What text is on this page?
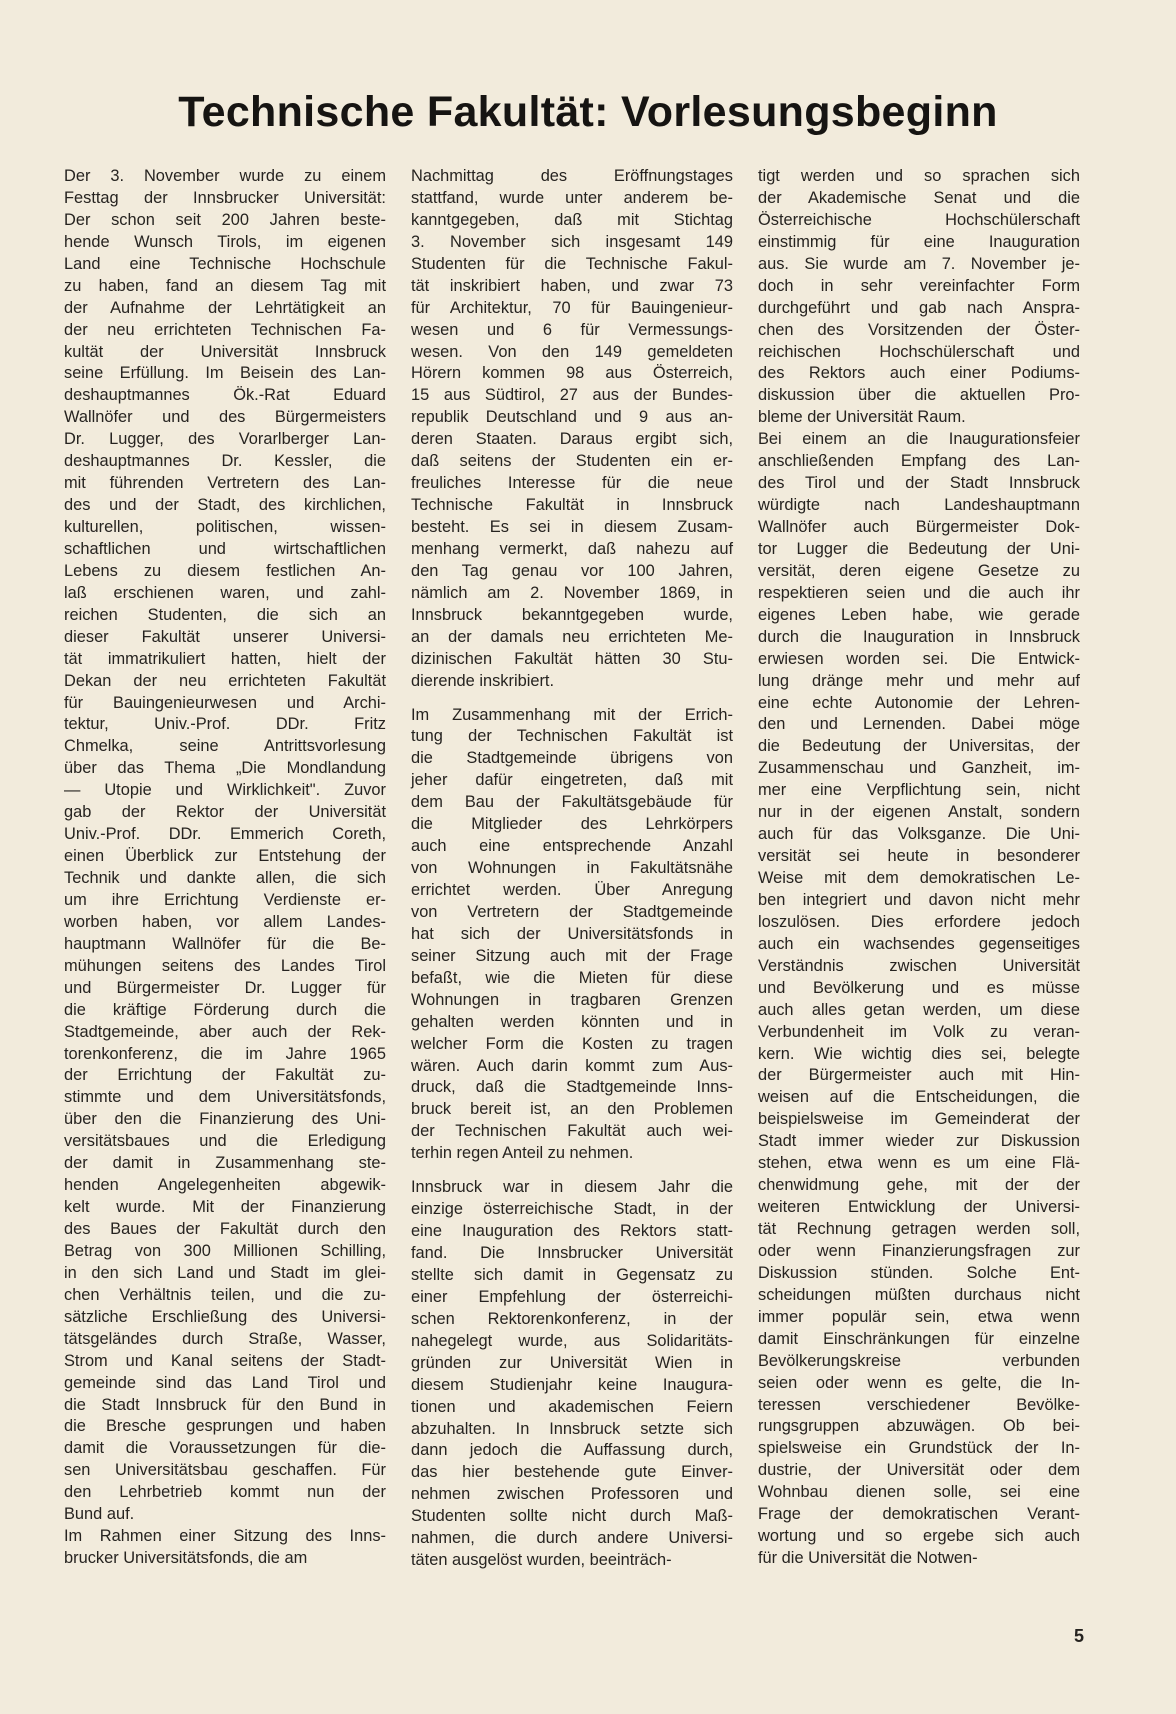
Technische Fakultät: Vorlesungsbeginn
Der 3. November wurde zu einem
Festtag der Innsbrucker Universität:
Der schon seit 200 Jahren beste-
hende Wunsch Tirols, im eigenen
Land eine Technische Hochschule
zu haben, fand an diesem Tag mit
der Aufnahme der Lehrtätigkeit an
der neu errichteten Technischen Fa-
kultät der Universität Innsbruck
seine Erfüllung. Im Beisein des Lan-
deshauptmannes Ök.-Rat Eduard
Wallnöfer und des Bürgermeisters
Dr. Lugger, des Vorarlberger Lan-
deshauptmannes Dr. Kessler, die
mit führenden Vertretern des Lan-
des und der Stadt, des kirchlichen,
kulturellen, politischen, wissen-
schaftlichen und wirtschaftlichen
Lebens zu diesem festlichen An-
laß erschienen waren, und zahl-
reichen Studenten, die sich an
dieser Fakultät unserer Universi-
tät immatrikuliert hatten, hielt der
Dekan der neu errichteten Fakultät
für Bauingenieurwesen und Archi-
tektur, Univ.-Prof. DDr. Fritz
Chmelka, seine Antrittsvorlesung
über das Thema „Die Mondlandung
— Utopie und Wirklichkeit". Zuvor
gab der Rektor der Universität
Univ.-Prof. DDr. Emmerich Coreth,
einen Überblick zur Entstehung der
Technik und dankte allen, die sich
um ihre Errichtung Verdienste er-
worben haben, vor allem Landes-
hauptmann Wallnöfer für die Be-
mühungen seitens des Landes Tirol
und Bürgermeister Dr. Lugger für
die kräftige Förderung durch die
Stadtgemeinde, aber auch der Rek-
torenkonferenz, die im Jahre 1965
der Errichtung der Fakultät zu-
stimmte und dem Universitätsfonds,
über den die Finanzierung des Uni-
versitätsbaues und die Erledigung
der damit in Zusammenhang ste-
henden Angelegenheiten abgewik-
kelt wurde. Mit der Finanzierung
des Baues der Fakultät durch den
Betrag von 300 Millionen Schilling,
in den sich Land und Stadt im glei-
chen Verhältnis teilen, und die zu-
sätzliche Erschließung des Universi-
tätsgeländes durch Straße, Wasser,
Strom und Kanal seitens der Stadt-
gemeinde sind das Land Tirol und
die Stadt Innsbruck für den Bund in
die Bresche gesprungen und haben
damit die Voraussetzungen für die-
sen Universitätsbau geschaffen. Für
den Lehrbetrieb kommt nun der
Bund auf.
Im Rahmen einer Sitzung des Inns-
brucker Universitätsfonds, die am
Nachmittag des Eröffnungstages
stattfand, wurde unter anderem be-
kanntgegeben, daß mit Stichtag
3. November sich insgesamt 149
Studenten für die Technische Fakul-
tät inskribiert haben, und zwar 73
für Architektur, 70 für Bauingenieur-
wesen und 6 für Vermessungs-
wesen. Von den 149 gemeldeten
Hörern kommen 98 aus Österreich,
15 aus Südtirol, 27 aus der Bundes-
republik Deutschland und 9 aus an-
deren Staaten. Daraus ergibt sich,
daß seitens der Studenten ein er-
freuliches Interesse für die neue
Technische Fakultät in Innsbruck
besteht. Es sei in diesem Zusam-
menhang vermerkt, daß nahezu auf
den Tag genau vor 100 Jahren,
nämlich am 2. November 1869, in
Innsbruck bekanntgegeben wurde,
an der damals neu errichteten Me-
dizinischen Fakultät hätten 30 Stu-
dierende inskribiert.
Im Zusammenhang mit der Errich-
tung der Technischen Fakultät ist
die Stadtgemeinde übrigens von
jeher dafür eingetreten, daß mit
dem Bau der Fakultätsgebäude für
die Mitglieder des Lehrkörpers
auch eine entsprechende Anzahl
von Wohnungen in Fakultätsnähe
errichtet werden. Über Anregung
von Vertretern der Stadtgemeinde
hat sich der Universitätsfonds in
seiner Sitzung auch mit der Frage
befaßt, wie die Mieten für diese
Wohnungen in tragbaren Grenzen
gehalten werden könnten und in
welcher Form die Kosten zu tragen
wären. Auch darin kommt zum Aus-
druck, daß die Stadtgemeinde Inns-
bruck bereit ist, an den Problemen
der Technischen Fakultät auch wei-
terhin regen Anteil zu nehmen.
Innsbruck war in diesem Jahr die
einzige österreichische Stadt, in der
eine Inauguration des Rektors statt-
fand. Die Innsbrucker Universität
stellte sich damit in Gegensatz zu
einer Empfehlung der österreichi-
schen Rektorenkonferenz, in der
nahegelegt wurde, aus Solidaritäts-
gründen zur Universität Wien in
diesem Studienjahr keine Inaugura-
tionen und akademischen Feiern
abzuhalten. In Innsbruck setzte sich
dann jedoch die Auffassung durch,
das hier bestehende gute Einver-
nehmen zwischen Professoren und
Studenten sollte nicht durch Maß-
nahmen, die durch andere Universi-
täten ausgelöst wurden, beeinträch-
tigt werden und so sprachen sich
der Akademische Senat und die
Österreichische Hochschülerschaft
einstimmig für eine Inauguration
aus. Sie wurde am 7. November je-
doch in sehr vereinfachter Form
durchgeführt und gab nach Anspra-
chen des Vorsitzenden der Öster-
reichischen Hochschülerschaft und
des Rektors auch einer Podiums-
diskussion über die aktuellen Pro-
bleme der Universität Raum.
Bei einem an die Inaugurationsfeier
anschließenden Empfang des Lan-
des Tirol und der Stadt Innsbruck
würdigte nach Landeshauptmann
Wallnöfer auch Bürgermeister Dok-
tor Lugger die Bedeutung der Uni-
versität, deren eigene Gesetze zu
respektieren seien und die auch ihr
eigenes Leben habe, wie gerade
durch die Inauguration in Innsbruck
erwiesen worden sei. Die Entwick-
lung dränge mehr und mehr auf
eine echte Autonomie der Lehren-
den und Lernenden. Dabei möge
die Bedeutung der Universitas, der
Zusammenschau und Ganzheit, im-
mer eine Verpflichtung sein, nicht
nur in der eigenen Anstalt, sondern
auch für das Volksganze. Die Uni-
versität sei heute in besonderer
Weise mit dem demokratischen Le-
ben integriert und davon nicht mehr
loszulösen. Dies erfordere jedoch
auch ein wachsendes gegenseitiges
Verständnis zwischen Universität
und Bevölkerung und es müsse
auch alles getan werden, um diese
Verbundenheit im Volk zu veran-
kern. Wie wichtig dies sei, belegte
der Bürgermeister auch mit Hin-
weisen auf die Entscheidungen, die
beispielsweise im Gemeinderat der
Stadt immer wieder zur Diskussion
stehen, etwa wenn es um eine Flä-
chenwidmung gehe, mit der der
weiteren Entwicklung der Universi-
tät Rechnung getragen werden soll,
oder wenn Finanzierungsfragen zur
Diskussion stünden. Solche Ent-
scheidungen müßten durchaus nicht
immer populär sein, etwa wenn
damit Einschränkungen für einzelne
Bevölkerungskreise verbunden
seien oder wenn es gelte, die In-
teressen verschiedener Bevölke-
rungsgruppen abzuwägen. Ob bei-
spielsweise ein Grundstück der In-
dustrie, der Universität oder dem
Wohnbau dienen solle, sei eine
Frage der demokratischen Verant-
wortung und so ergebe sich auch
für die Universität die Notwen-
5
